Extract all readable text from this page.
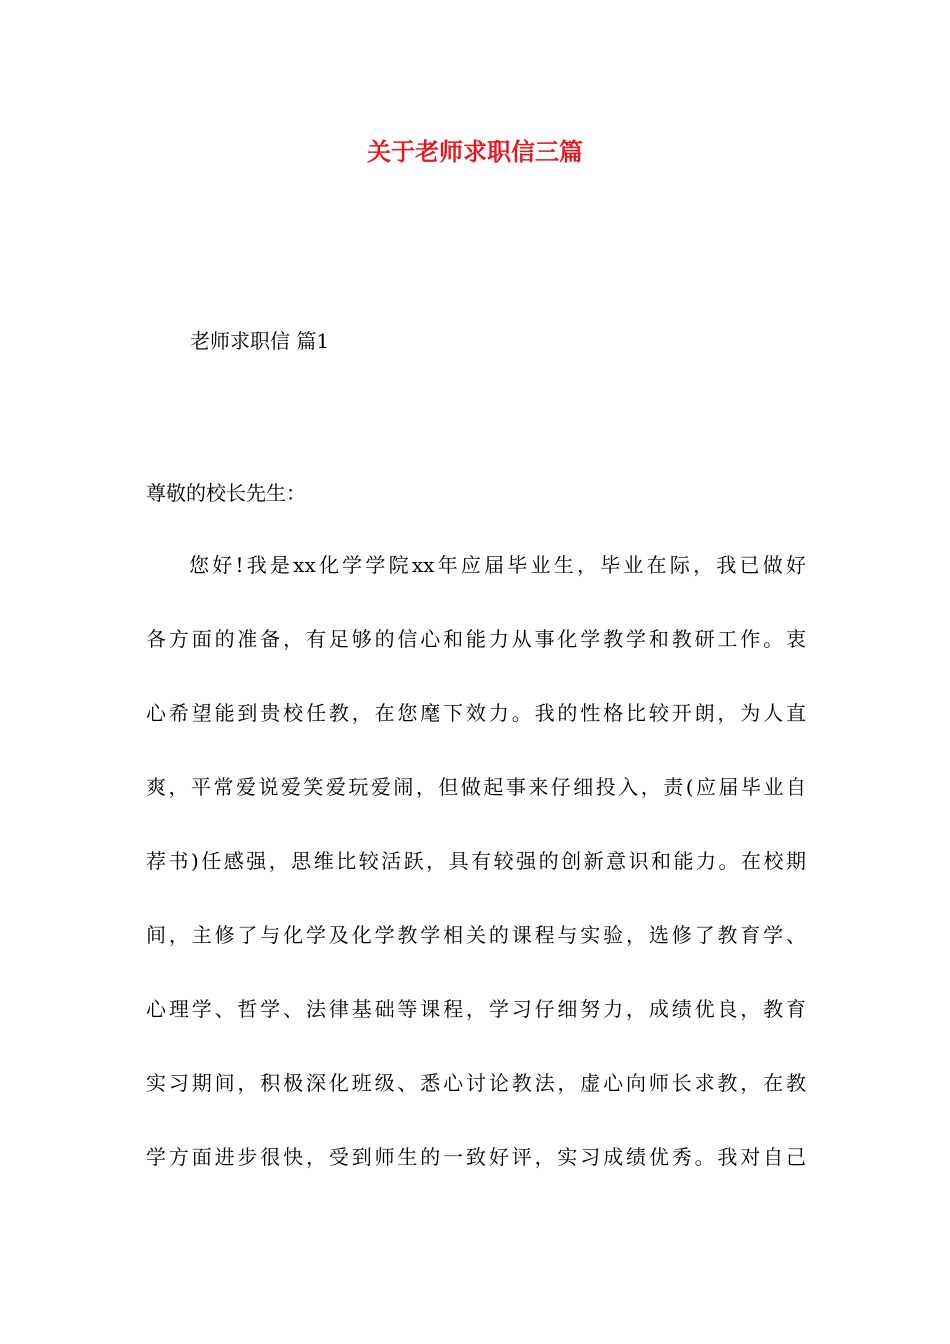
关于老师求职信三篇

老师求职信 篇1

尊敬的校长先生：

您好!我是xx化学学院xx年应届毕业生，毕业在际，我已做好
各方面的准备，有足够的信心和能力从事化学教学和教研工作。衷
心希望能到贵校任教，在您麾下效力。我的性格比较开朗，为人直
爽，平常爱说爱笑爱玩爱闹，但做起事来仔细投入，责(应届毕业自
荐书)任感强，思维比较活跃，具有较强的创新意识和能力。在校期
间，主修了与化学及化学教学相关的课程与实验，选修了教育学、
心理学、哲学、法律基础等课程，学习仔细努力，成绩优良，教育
实习期间，积极深化班级、悉心讨论教法，虚心向师长求教，在教
学方面进步很快，受到师生的一致好评，实习成绩优秀。我对自己
